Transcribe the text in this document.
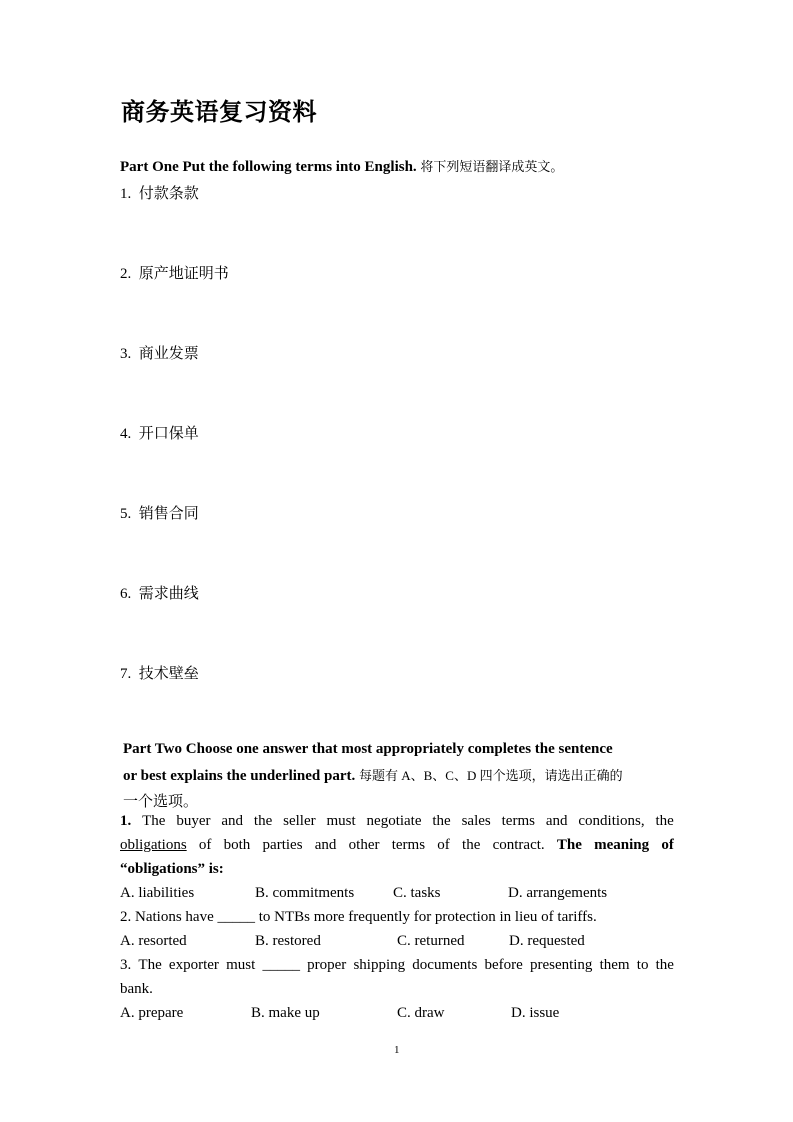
商务英语复习资料
Part One Put the following terms into English. 将下列短语翻译成英文。
1. 付款条款
2. 原产地证明书
3. 商业发票
4. 开口保单
5. 销售合同
6. 需求曲线
7. 技术壁垒
Part Two Choose one answer that most appropriately completes the sentence
or best explains the underlined part. 每题有 A、B、C、D 四个选项，请选出正确的
一个选项。
1. The buyer and the seller must negotiate the sales terms and conditions, the
obligations of both parties and other terms of the contract. The meaning of
“obligations” is:
A. liabilities	B. commitments	C. tasks	D. arrangements
2. Nations have _____ to NTBs more frequently for protection in lieu of tariffs.
A. resorted	B. restored	C. returned	D. requested
3. The exporter must _____ proper shipping documents before presenting them to the
bank.
A. prepare	B. make up	C. draw	D. issue
1
